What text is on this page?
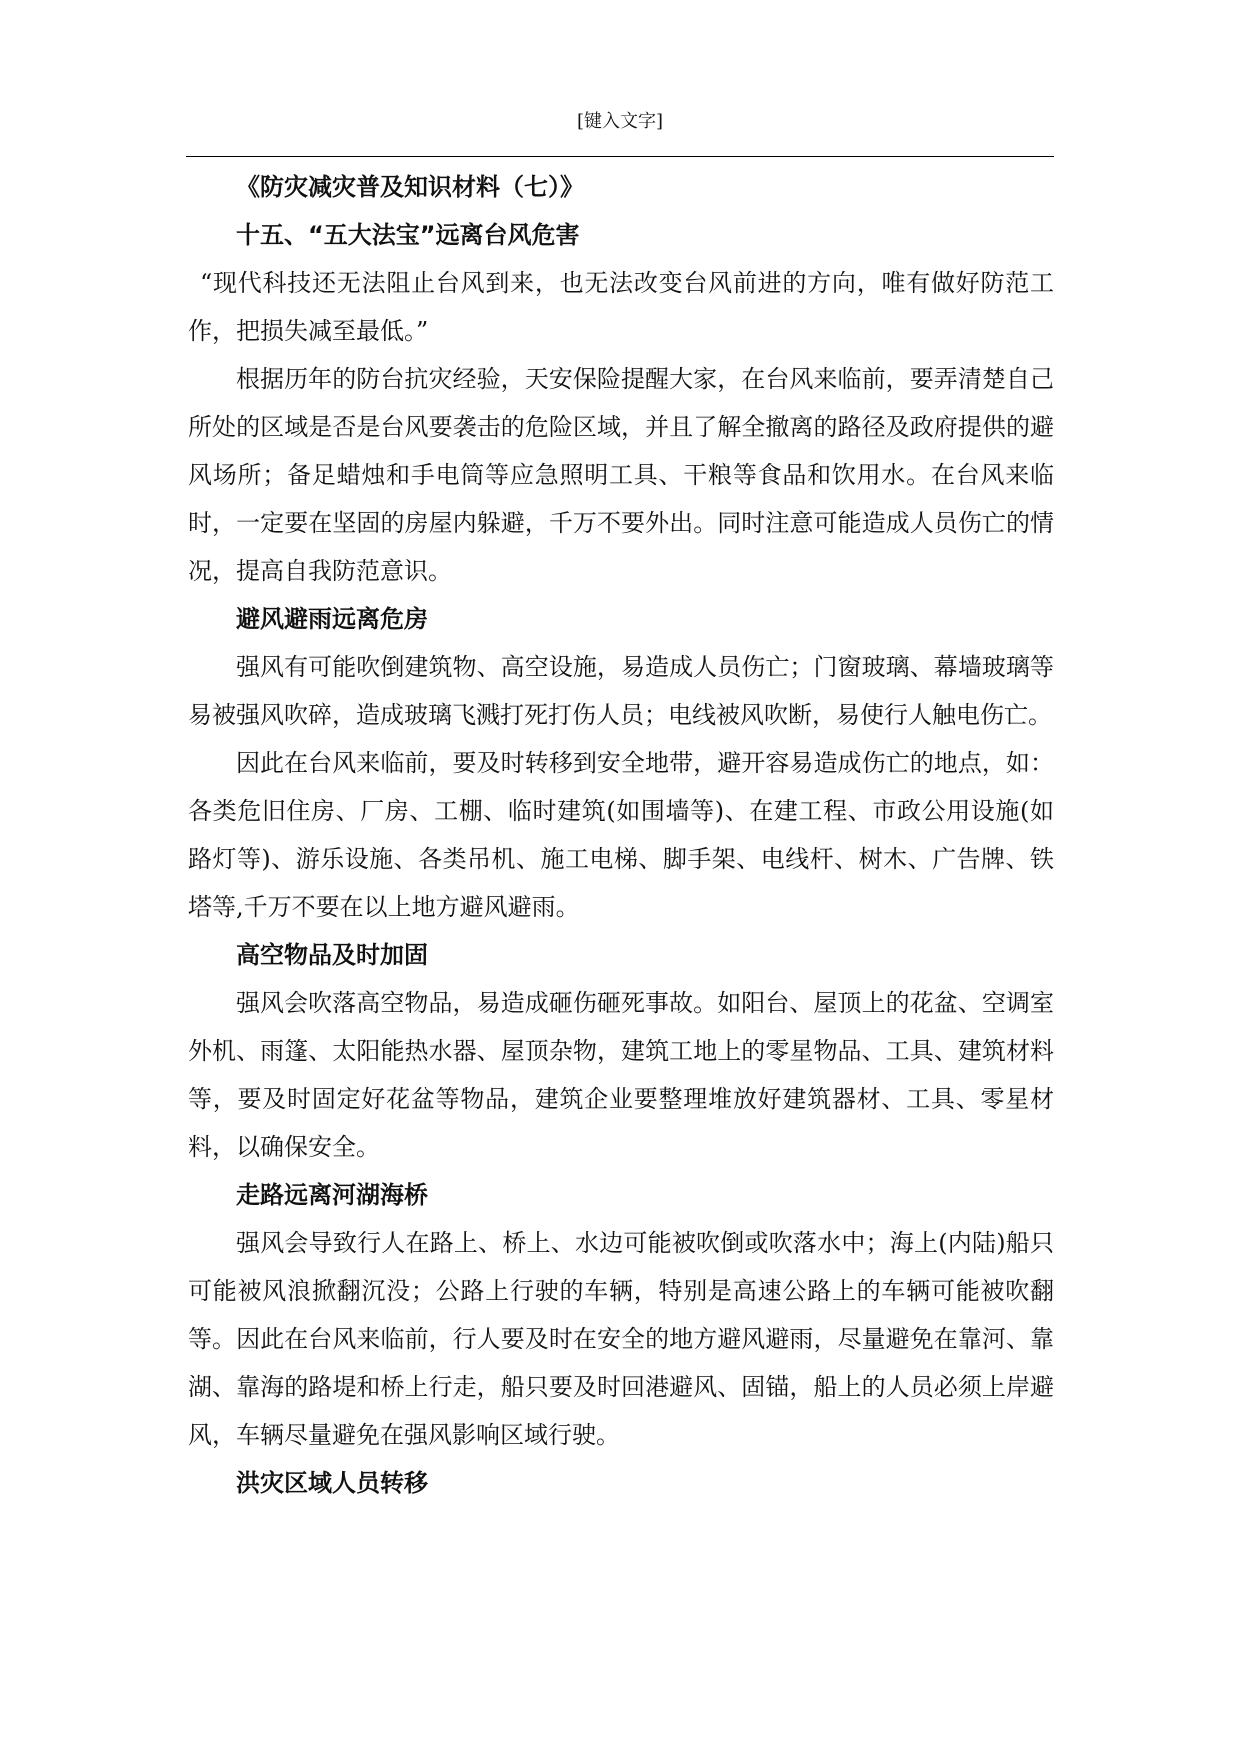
[键入文字]
《防灾减灾普及知识材料（七）》
十五、“五大法宝”远离台风危害

“现代科技还无法阻止台风到来，也无法改变台风前进的方向，唯有做好防范工作，把损失减至最低。”

根据历年的防台抗灾经验，天安保险提醒大家，在台风来临前，要弄清楚自己所处的区域是否是台风要袭击的危险区域，并且了解全撤离的路径及政府提供的避风场所；备足蜡烛和手电筒等应急照明工具、干粮等食品和饮用水。在台风来临时，一定要在坚固的房屋内躲避，千万不要外出。同时注意可能造成人员伤亡的情况，提高自我防范意识。

避风避雨远离危房

强风有可能吹倒建筑物、高空设施，易造成人员伤亡；门窗玻璃、幕墙玻璃等易被强风吹碎，造成玻璃飞溅打死打伤人员；电线被风吹断，易使行人触电伤亡。

因此在台风来临前，要及时转移到安全地带，避开容易造成伤亡的地点，如：各类危旧住房、厂房、工棚、临时建筑(如围墙等)、在建工程、市政公用设施(如路灯等)、游乐设施、各类吊机、施工电梯、脚手架、电线杆、树木、广告牌、铁塔等,千万不要在以上地方避风避雨。

高空物品及时加固

强风会吹落高空物品，易造成砸伤砸死事故。如阳台、屋顶上的花盆、空调室外机、雨篷、太阳能热水器、屋顶杂物，建筑工地上的零星物品、工具、建筑材料等，要及时固定好花盆等物品，建筑企业要整理堆放好建筑器材、工具、零星材料，以确保安全。

走路远离河湖海桥

强风会导致行人在路上、桥上、水边可能被吹倒或吹落水中；海上(内陆)船只可能被风浪掀翻沉没；公路上行驶的车辆，特别是高速公路上的车辆可能被吹翻等。因此在台风来临前，行人要及时在安全的地方避风避雨，尽量避免在靠河、靠湖、靠海的路堤和桥上行走，船只要及时回港避风、固锚，船上的人员必须上岸避风，车辆尽量避免在强风影响区域行驶。

洪灾区域人员转移
